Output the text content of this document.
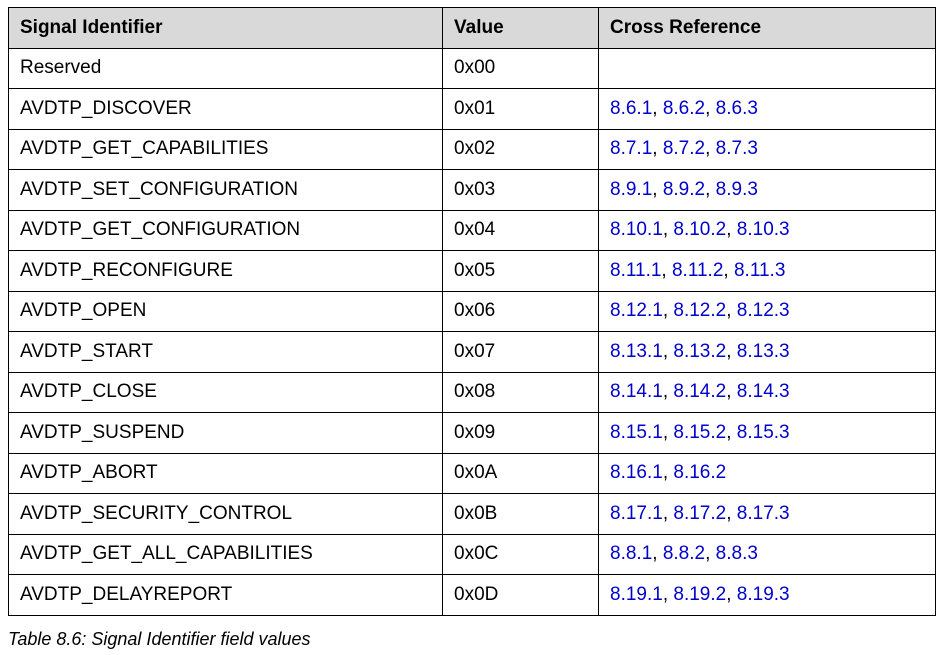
Signal Identifier	Value	Cross Reference
Reserved	0x00	
AVDTP_DISCOVER	0x01	8.6.1, 8.6.2, 8.6.3
AVDTP_GET_CAPABILITIES	0x02	8.7.1, 8.7.2, 8.7.3
AVDTP_SET_CONFIGURATION	0x03	8.9.1, 8.9.2, 8.9.3
AVDTP_GET_CONFIGURATION	0x04	8.10.1, 8.10.2, 8.10.3
AVDTP_RECONFIGURE	0x05	8.11.1, 8.11.2, 8.11.3
AVDTP_OPEN	0x06	8.12.1, 8.12.2, 8.12.3
AVDTP_START	0x07	8.13.1, 8.13.2, 8.13.3
AVDTP_CLOSE	0x08	8.14.1, 8.14.2, 8.14.3
AVDTP_SUSPEND	0x09	8.15.1, 8.15.2, 8.15.3
AVDTP_ABORT	0x0A	8.16.1, 8.16.2
AVDTP_SECURITY_CONTROL	0x0B	8.17.1, 8.17.2, 8.17.3
AVDTP_GET_ALL_CAPABILITIES	0x0C	8.8.1, 8.8.2, 8.8.3
AVDTP_DELAYREPORT	0x0D	8.19.1, 8.19.2, 8.19.3
Table 8.6: Signal Identifier field values
